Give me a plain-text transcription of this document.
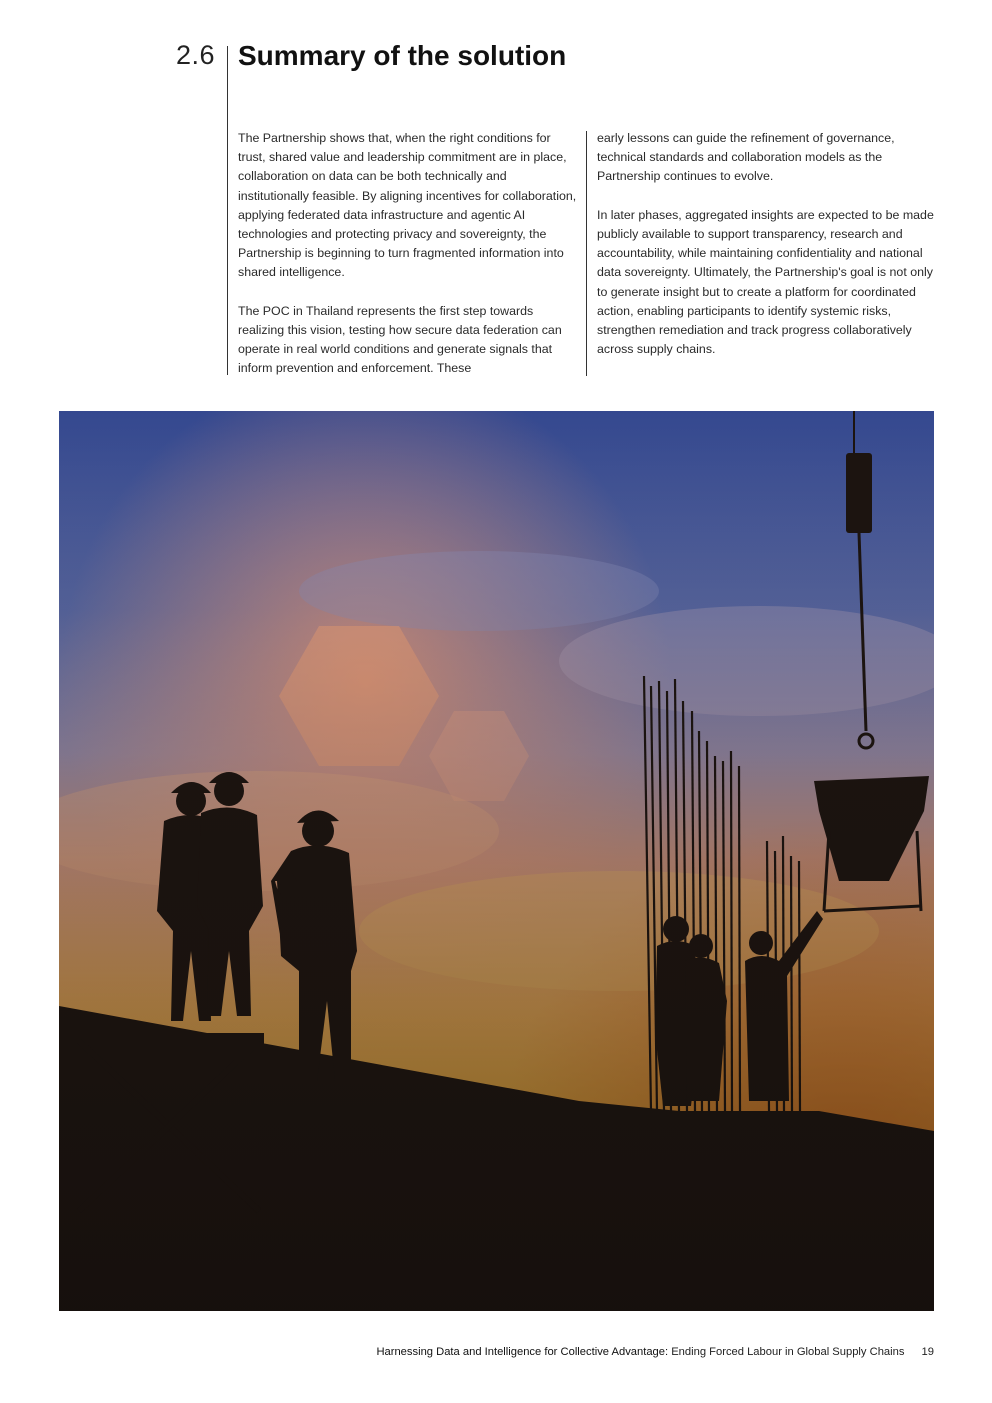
2.6 Summary of the solution

The Partnership shows that, when the right conditions for trust, shared value and leadership commitment are in place, collaboration on data can be both technically and institutionally feasible. By aligning incentives for collaboration, applying federated data infrastructure and agentic AI technologies and protecting privacy and sovereignty, the Partnership is beginning to turn fragmented information into shared intelligence.

The POC in Thailand represents the first step towards realizing this vision, testing how secure data federation can operate in real world conditions and generate signals that inform prevention and enforcement. These

early lessons can guide the refinement of governance, technical standards and collaboration models as the Partnership continues to evolve.

In later phases, aggregated insights are expected to be made publicly available to support transparency, research and accountability, while maintaining confidentiality and national data sovereignty. Ultimately, the Partnership's goal is not only to generate insight but to create a platform for coordinated action, enabling participants to identify systemic risks, strengthen remediation and track progress collaboratively across supply chains.

Harnessing Data and Intelligence for Collective Advantage: Ending Forced Labour in Global Supply Chains 19
